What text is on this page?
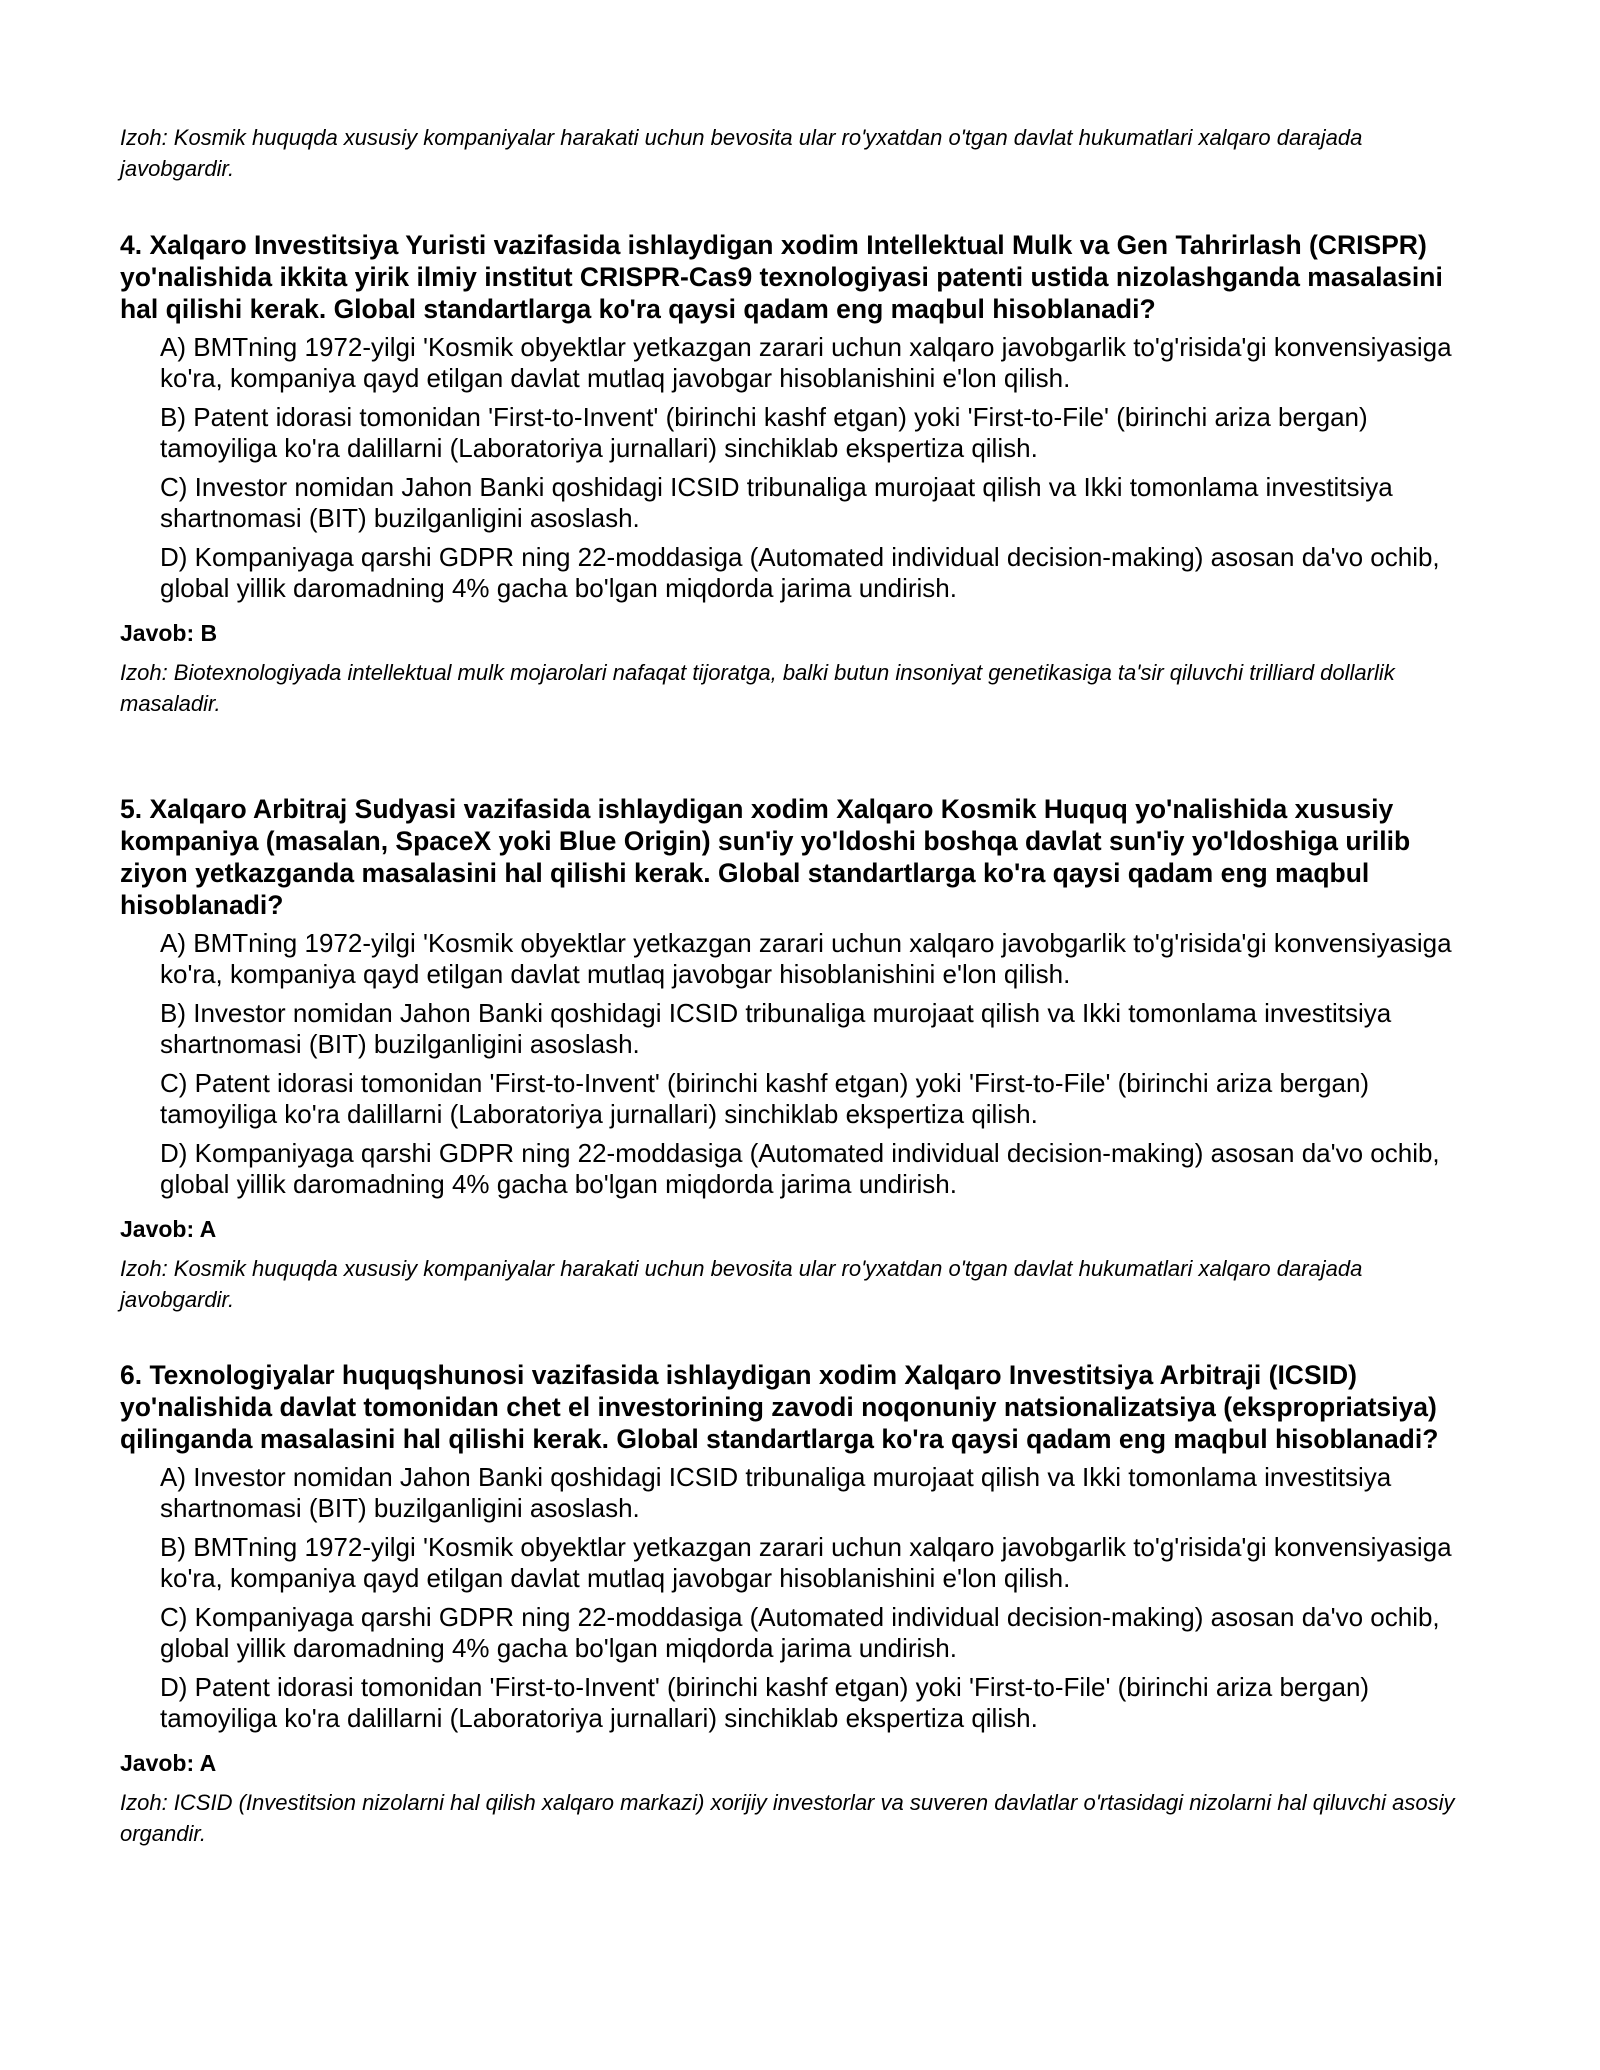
Izoh: Kosmik huquqda xususiy kompaniyalar harakati uchun bevosita ular ro'yxatdan o'tgan davlat hukumatlari xalqaro darajada javobgardir.

4. Xalqaro Investitsiya Yuristi vazifasida ishlaydigan xodim Intellektual Mulk va Gen Tahrirlash (CRISPR) yo'nalishida ikkita yirik ilmiy institut CRISPR-Cas9 texnologiyasi patenti ustida nizolashganda masalasini hal qilishi kerak. Global standartlarga ko'ra qaysi qadam eng maqbul hisoblanadi?

A) BMTning 1972-yilgi 'Kosmik obyektlar yetkazgan zarari uchun xalqaro javobgarlik to'g'risida'gi konvensiyasiga ko'ra, kompaniya qayd etilgan davlat mutlaq javobgar hisoblanishini e'lon qilish.

B) Patent idorasi tomonidan 'First-to-Invent' (birinchi kashf etgan) yoki 'First-to-File' (birinchi ariza bergan) tamoyiliga ko'ra dalillarni (Laboratoriya jurnallari) sinchiklab ekspertiza qilish.

C) Investor nomidan Jahon Banki qoshidagi ICSID tribunaliga murojaat qilish va Ikki tomonlama investitsiya shartnomasi (BIT) buzilganligini asoslash.

D) Kompaniyaga qarshi GDPR ning 22-moddasiga (Automated individual decision-making) asosan da'vo ochib, global yillik daromadning 4% gacha bo'lgan miqdorda jarima undirish.

Javob: B

Izoh: Biotexnologiyada intellektual mulk mojarolari nafaqat tijoratga, balki butun insoniyat genetikasiga ta'sir qiluvchi trilliard dollarlik masaladir.

5. Xalqaro Arbitraj Sudyasi vazifasida ishlaydigan xodim Xalqaro Kosmik Huquq yo'nalishida xususiy kompaniya (masalan, SpaceX yoki Blue Origin) sun'iy yo'ldoshi boshqa davlat sun'iy yo'ldoshiga urilib ziyon yetkazganda masalasini hal qilishi kerak. Global standartlarga ko'ra qaysi qadam eng maqbul hisoblanadi?

A) BMTning 1972-yilgi 'Kosmik obyektlar yetkazgan zarari uchun xalqaro javobgarlik to'g'risida'gi konvensiyasiga ko'ra, kompaniya qayd etilgan davlat mutlaq javobgar hisoblanishini e'lon qilish.

B) Investor nomidan Jahon Banki qoshidagi ICSID tribunaliga murojaat qilish va Ikki tomonlama investitsiya shartnomasi (BIT) buzilganligini asoslash.

C) Patent idorasi tomonidan 'First-to-Invent' (birinchi kashf etgan) yoki 'First-to-File' (birinchi ariza bergan) tamoyiliga ko'ra dalillarni (Laboratoriya jurnallari) sinchiklab ekspertiza qilish.

D) Kompaniyaga qarshi GDPR ning 22-moddasiga (Automated individual decision-making) asosan da'vo ochib, global yillik daromadning 4% gacha bo'lgan miqdorda jarima undirish.

Javob: A

Izoh: Kosmik huquqda xususiy kompaniyalar harakati uchun bevosita ular ro'yxatdan o'tgan davlat hukumatlari xalqaro darajada javobgardir.

6. Texnologiyalar huquqshunosi vazifasida ishlaydigan xodim Xalqaro Investitsiya Arbitraji (ICSID) yo'nalishida davlat tomonidan chet el investorining zavodi noqonuniy natsionalizatsiya (ekspropriatsiya) qilinganda masalasini hal qilishi kerak. Global standartlarga ko'ra qaysi qadam eng maqbul hisoblanadi?

A) Investor nomidan Jahon Banki qoshidagi ICSID tribunaliga murojaat qilish va Ikki tomonlama investitsiya shartnomasi (BIT) buzilganligini asoslash.

B) BMTning 1972-yilgi 'Kosmik obyektlar yetkazgan zarari uchun xalqaro javobgarlik to'g'risida'gi konvensiyasiga ko'ra, kompaniya qayd etilgan davlat mutlaq javobgar hisoblanishini e'lon qilish.

C) Kompaniyaga qarshi GDPR ning 22-moddasiga (Automated individual decision-making) asosan da'vo ochib, global yillik daromadning 4% gacha bo'lgan miqdorda jarima undirish.

D) Patent idorasi tomonidan 'First-to-Invent' (birinchi kashf etgan) yoki 'First-to-File' (birinchi ariza bergan) tamoyiliga ko'ra dalillarni (Laboratoriya jurnallari) sinchiklab ekspertiza qilish.

Javob: A

Izoh: ICSID (Investitsion nizolarni hal qilish xalqaro markazi) xorijiy investorlar va suveren davlatlar o'rtasidagi nizolarni hal qiluvchi asosiy organdir.
